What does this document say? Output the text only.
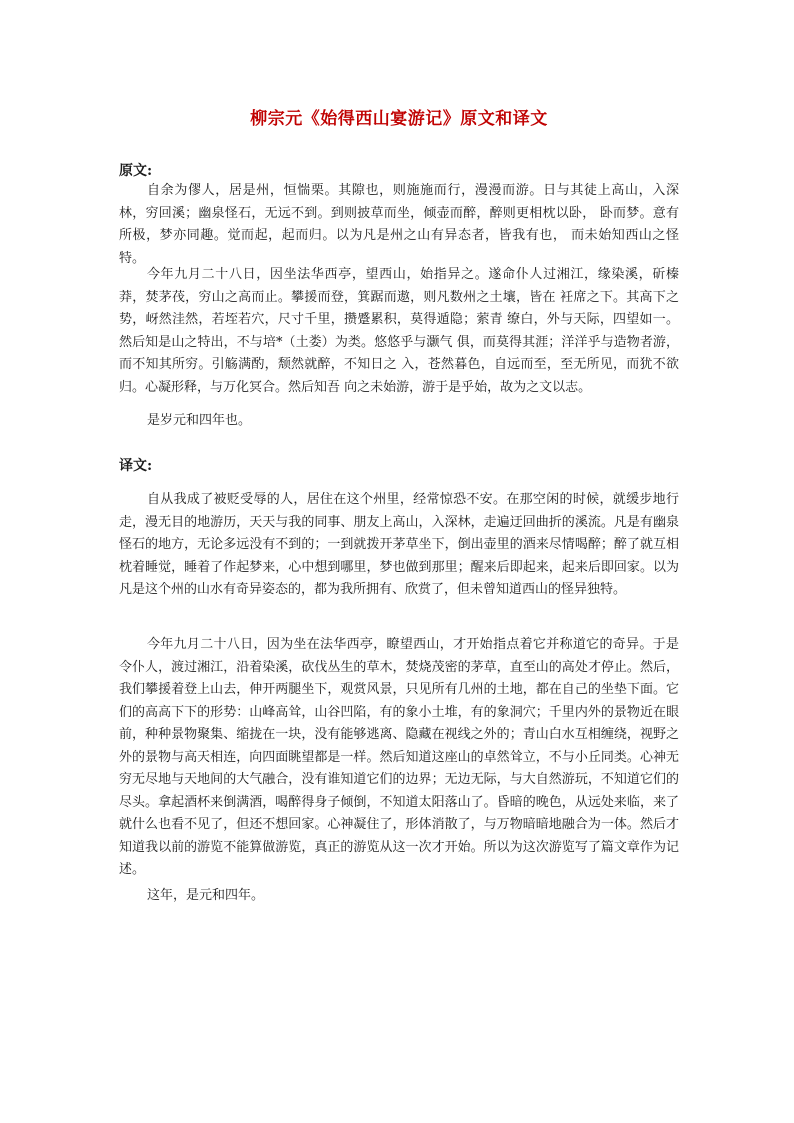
柳宗元《始得西山宴游记》原文和译文
原文:

自余为僇人，居是州，恒惴栗。其隙也，则施施而行，漫漫而游。日与其徒上高山，入深林，穷回溪；幽泉怪石，无远不到。到则披草而坐，倾壶而醉，醉则更相枕以卧， 卧而梦。意有所极，梦亦同趣。觉而起，起而归。以为凡是州之山有异态者，皆我有也， 而未始知西山之怪特。

今年九月二十八日，因坐法华西亭，望西山，始指异之。遂命仆人过湘江，缘染溪，斫榛莽，焚茅茷，穷山之高而止。攀援而登，箕踞而遨，则凡数州之土壤，皆在 衽席之下。其高下之势，岈然洼然，若垤若穴，尺寸千里，攒蹙累积，莫得遁隐；萦青 缭白，外与天际，四望如一。然后知是山之特出，不与培*（土娄）为类。悠悠乎与灏气 俱，而莫得其涯；洋洋乎与造物者游，而不知其所穷。引觞满酌，颓然就醉，不知日之 入，苍然暮色，自远而至，至无所见，而犹不欲归。心凝形释，与万化冥合。然后知吾 向之未始游，游于是乎始，故为之文以志。

是岁元和四年也。

译文:

自从我成了被贬受辱的人，居住在这个州里，经常惊恐不安。在那空闲的时候，就缓步地行走，漫无目的地游历，天天与我的同事、朋友上高山，入深林，走遍迂回曲折的溪流。凡是有幽泉怪石的地方，无论多远没有不到的；一到就拨开茅草坐下，倒出壶里的酒来尽情喝醉；醉了就互相枕着睡觉，睡着了作起梦来，心中想到哪里，梦也做到那里；醒来后即起来，起来后即回家。以为凡是这个州的山水有奇异姿态的，都为我所拥有、欣赏了，但未曾知道西山的怪异独特。

今年九月二十八日，因为坐在法华西亭，瞭望西山，才开始指点着它并称道它的奇异。于是令仆人，渡过湘江，沿着染溪，砍伐丛生的草木，焚烧茂密的茅草，直至山的高处才停止。然后，我们攀援着登上山去，伸开两腿坐下，观赏风景，只见所有几州的土地，都在自己的坐垫下面。它们的高高下下的形势：山峰高耸，山谷凹陷，有的象小土堆，有的象洞穴；千里内外的景物近在眼前，种种景物聚集、缩拢在一块，没有能够逃离、隐藏在视线之外的；青山白水互相缠绕，视野之外的景物与高天相连，向四面眺望都是一样。然后知道这座山的卓然耸立，不与小丘同类。心神无穷无尽地与天地间的大气融合，没有谁知道它们的边界；无边无际，与大自然游玩，不知道它们的尽头。拿起酒杯来倒满酒，喝醉得身子倾倒，不知道太阳落山了。昏暗的晚色，从远处来临，来了就什么也看不见了，但还不想回家。心神凝住了，形体消散了，与万物暗暗地融合为一体。然后才知道我以前的游览不能算做游览，真正的游览从这一次才开始。所以为这次游览写了篇文章作为记述。

这年，是元和四年。
